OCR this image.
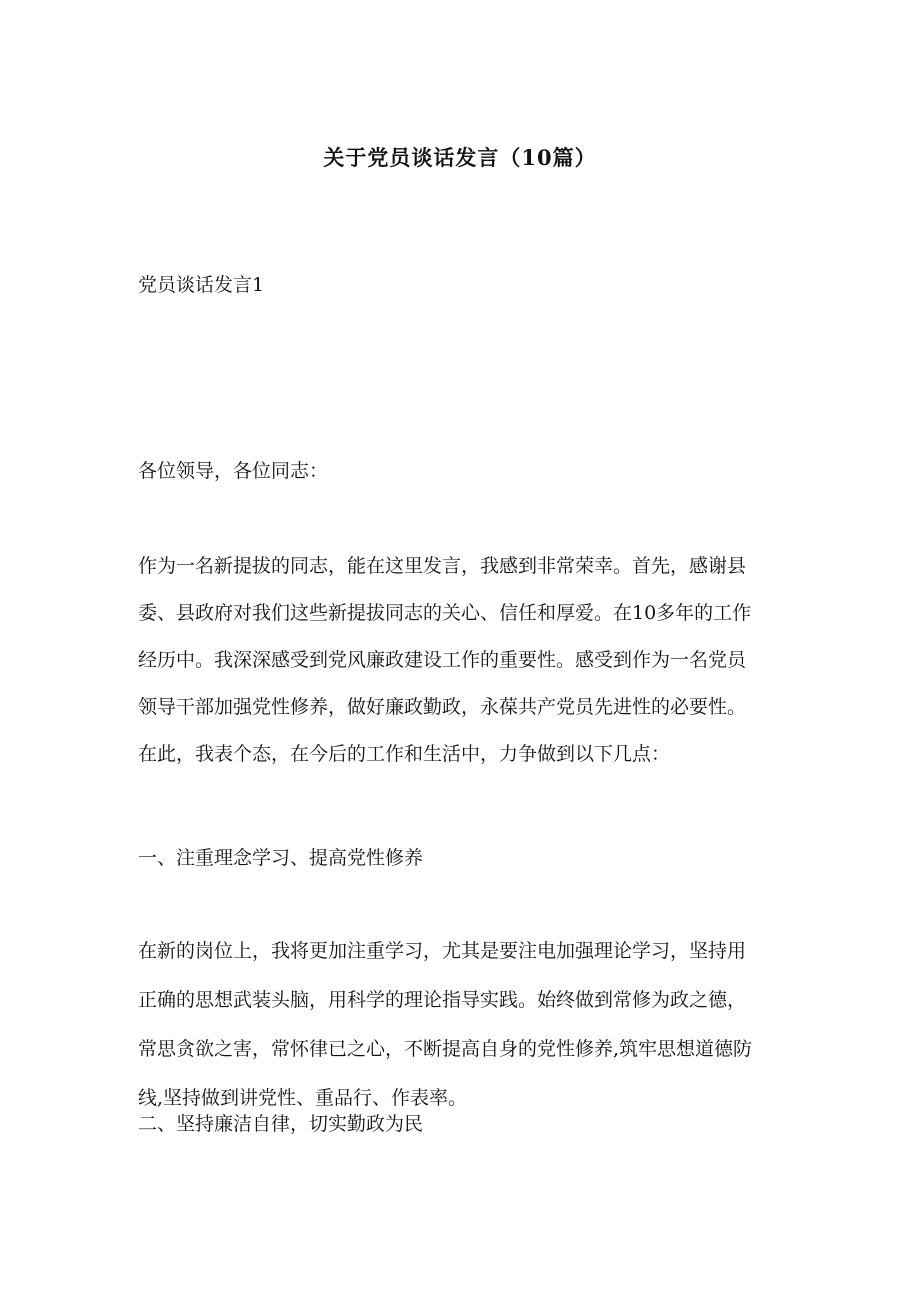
关于党员谈话发言（10篇）
党员谈话发言1
各位领导，各位同志：
作为一名新提拔的同志，能在这里发言，我感到非常荣幸。首先，感谢县
委、县政府对我们这些新提拔同志的关心、信任和厚爱。在10多年的工作
经历中。我深深感受到党风廉政建设工作的重要性。感受到作为一名党员
领导干部加强党性修养，做好廉政勤政，永葆共产党员先进性的必要性。
在此，我表个态，在今后的工作和生活中，力争做到以下几点：
一、注重理念学习、提高党性修养
在新的岗位上，我将更加注重学习，尤其是要注电加强理论学习，坚持用
正确的思想武装头脑，用科学的理论指导实践。始终做到常修为政之德，
常思贪欲之害，常怀律已之心，不断提高自身的党性修养,筑牢思想道德防
线,坚持做到讲党性、重品行、作表率。
二、坚持廉洁自律，切实勤政为民
